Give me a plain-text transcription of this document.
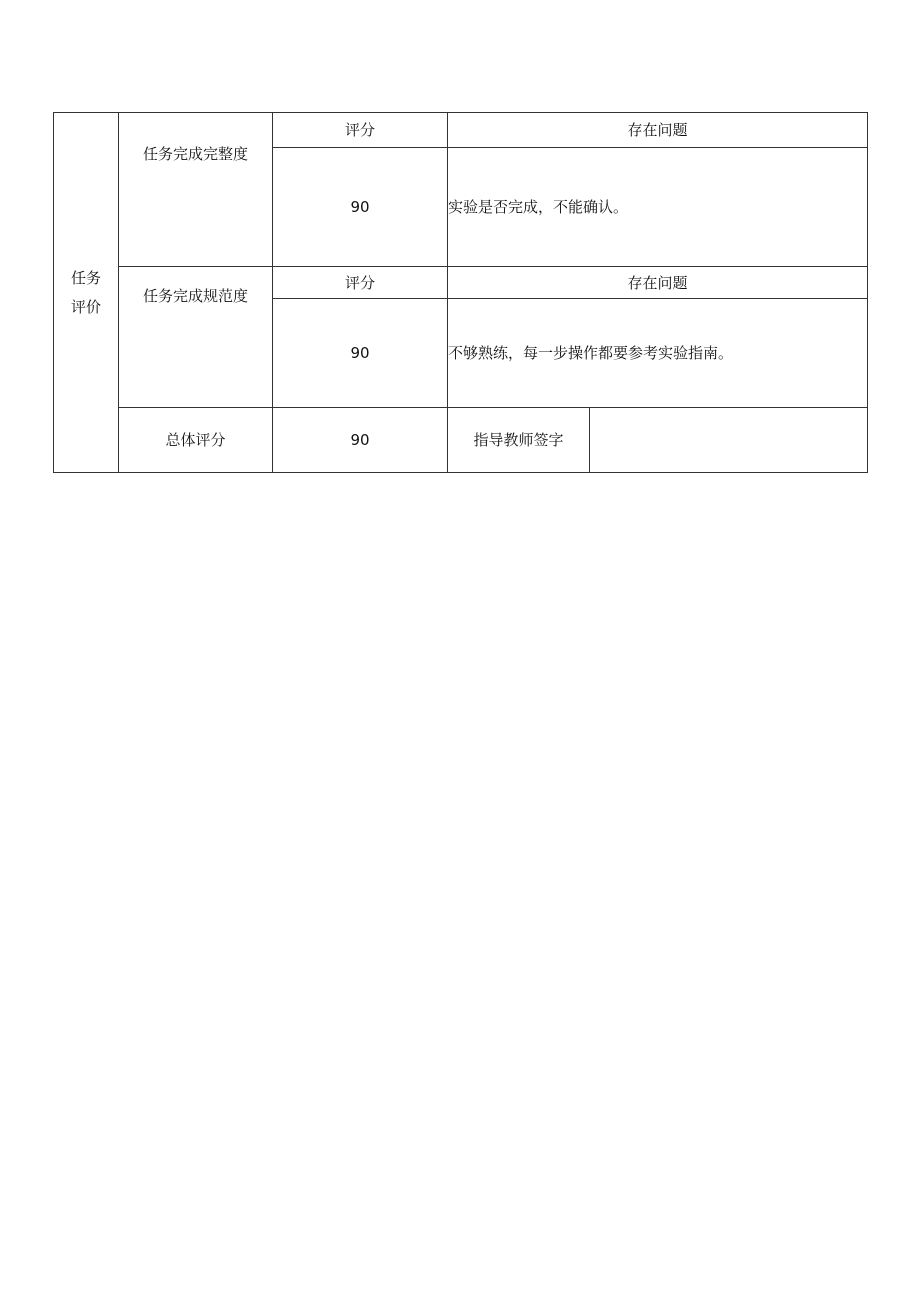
任务
评价	任务完成完整度	评分	存在问题	
		90	实验是否完成，不能确认。	

	任务完成规范度	评分	存在问题	
		90	不够熟练，每一步操作都要参考实验指南。	
	总体评分	90	指导教师签字	
